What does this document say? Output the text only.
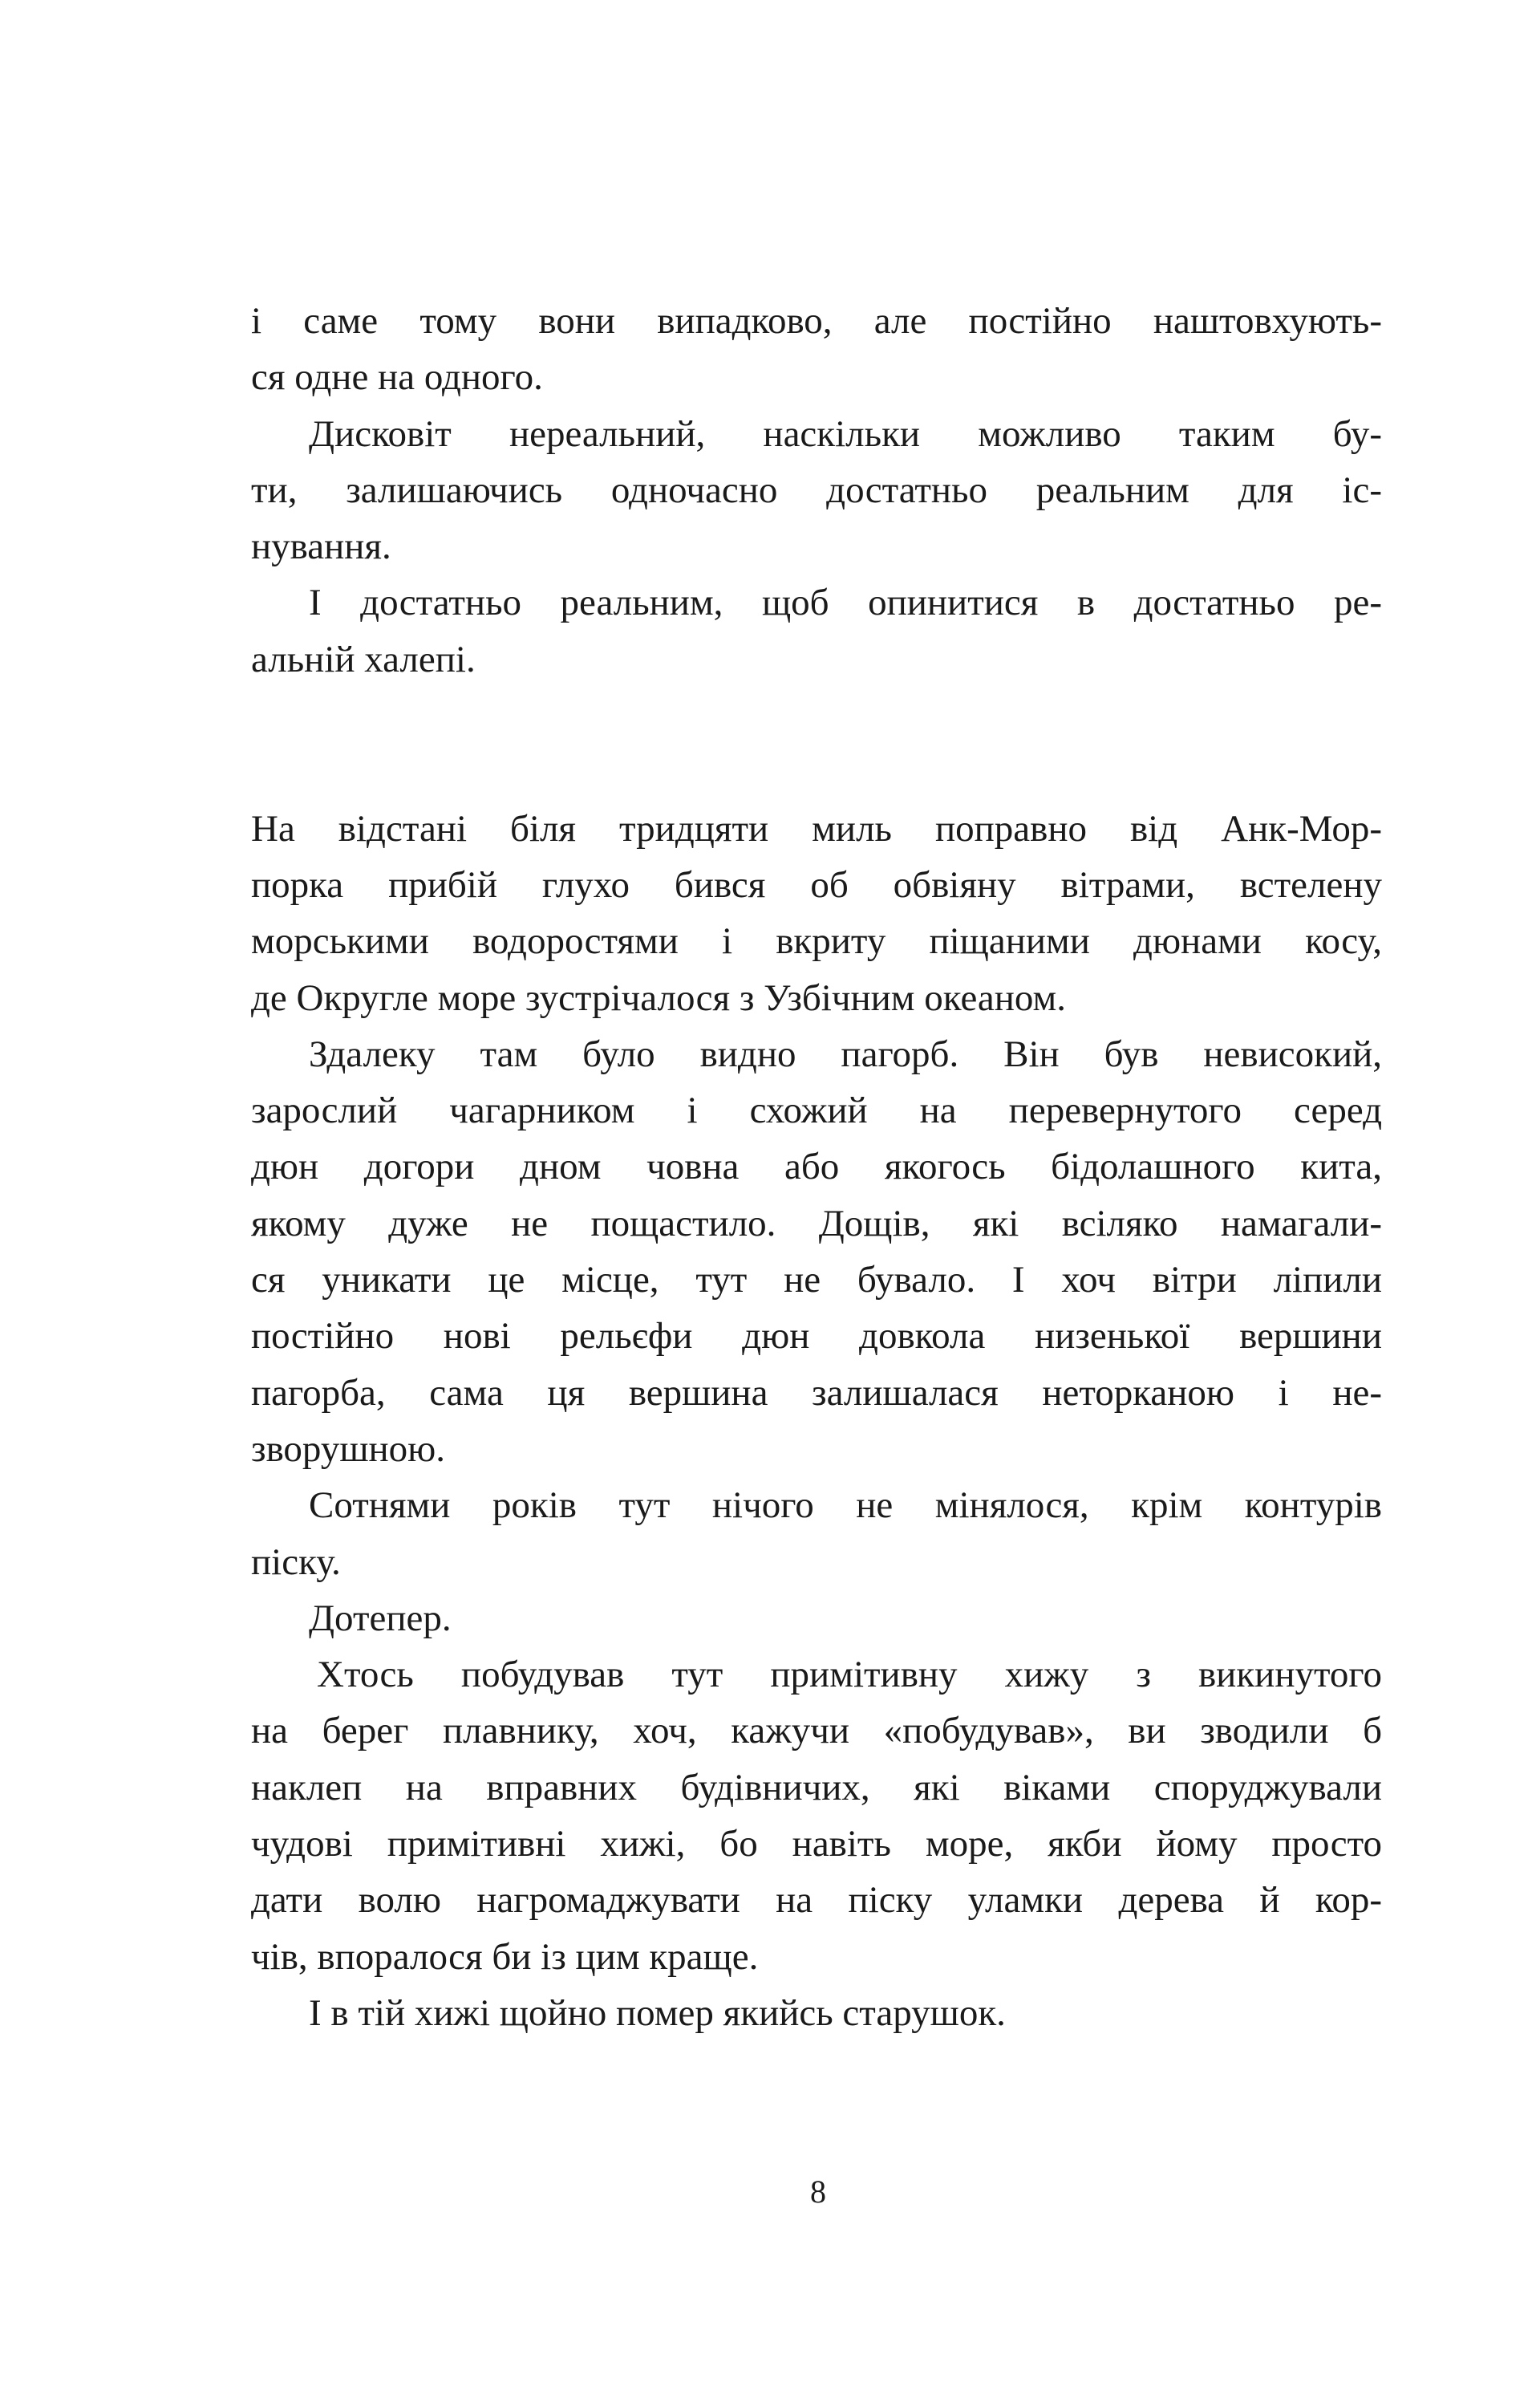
і саме тому вони випадково, але постійно наштовхують-
ся одне на одного.
Дисковіт нереальний, наскільки можливо таким бу-
ти, залишаючись одночасно достатньо реальним для іс-
нування.
І достатньо реальним, щоб опинитися в достатньо ре-
альній халепі.
На відстані біля тридцяти миль поправно від Анк-Мор-
порка прибій глухо бився об обвіяну вітрами, встелену
морськими водоростями і вкриту піщаними дюнами косу,
де Округле море зустрічалося з Узбічним океаном.
Здалеку там було видно пагорб. Він був невисокий,
зарослий чагарником і схожий на перевернутого серед
дюн догори дном човна або якогось бідолашного кита,
якому дуже не пощастило. Дощів, які всіляко намагали-
ся уникати це місце, тут не бувало. І хоч вітри ліпили
постійно нові рельєфи дюн довкола низенької вершини
пагорба, сама ця вершина залишалася неторканою і не-
зворушною.
Сотнями років тут нічого не мінялося, крім контурів
піску.
Дотепер.
Хтось побудував тут примітивну хижу з викинутого
на берег плавнику, хоч, кажучи «побудував», ви зводили б
наклеп на вправних будівничих, які віками споруджували
чудові примітивні хижі, бо навіть море, якби йому просто
дати волю нагромаджувати на піску уламки дерева й кор-
чів, впоралося би із цим краще.
І в тій хижі щойно помер якийсь старушок.
8
